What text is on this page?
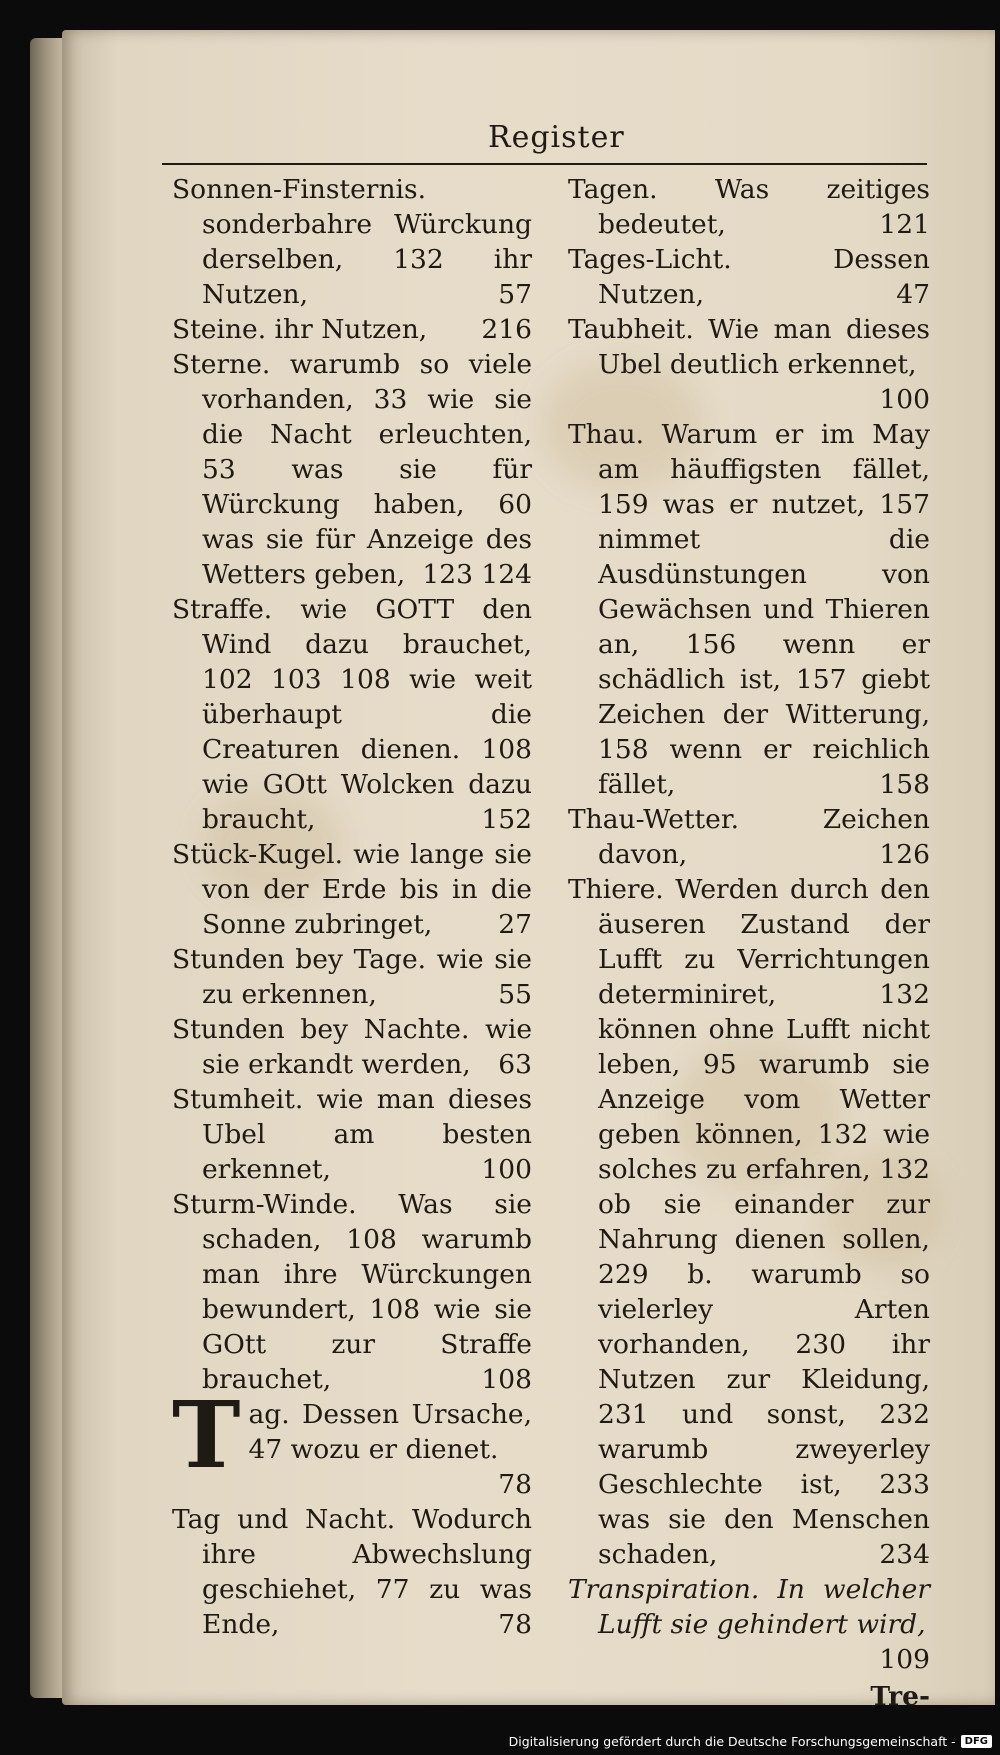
Register
Sonnen-Finsternis. sonderbahre Würckung derselben, 132 ihr Nutzen,	57
Steine. ihr Nutzen, 216
Sterne. warumb so viele vorhanden, 33 wie sie die Nacht erleuchten, 53 was sie für Würckung haben, 60 was sie für Anzeige des Wetters geben, 123 124
Straffe. wie GOTT den Wind dazu brauchet, 102 103 108 wie weit überhaupt die Creaturen dienen. 108 wie GOtt Wolcken dazu braucht,	152
Stück-Kugel. wie lange sie von der Erde bis in die Sonne zubringet, 27
Stunden bey Tage. wie sie zu erkennen,	55
Stunden bey Nachte. wie sie erkandt werden, 63
Stumheit. wie man dieses Ubel am besten erkennet,	100
Sturm-Winde. Was sie schaden, 108 warumb man ihre Würckungen bewundert, 108 wie sie GOtt zur Straffe brauchet,	108
Tag. Dessen Ursache, 47 wozu er dienet.
78
Tag und Nacht. Wodurch ihre Abwechslung geschiehet, 77 zu was Ende,	78
Tagen. Was zeitiges bedeutet,	121
Tages-Licht. Dessen Nutzen,	47
Taubheit. Wie man dieses Ubel deutlich erkennet,
100
Thau. Warum er im May am häuffigsten fället, 159 was er nutzet, 157 nimmet die Ausdünstungen von Gewächsen und Thieren an, 156 wenn er schädlich ist, 157 giebt Zeichen der Witterung, 158 wenn er reichlich fället,	158
Thau-Wetter. Zeichen davon,	126
Thiere. Werden durch den äuseren Zustand der Lufft zu Verrichtungen determiniret, 132 können ohne Lufft nicht leben, 95 warumb sie Anzeige vom Wetter geben können, 132 wie solches zu erfahren, 132 ob sie einander zur Nahrung dienen sollen, 229 b. warumb so vielerley Arten vorhanden, 230 ihr Nutzen zur Kleidung, 231 und sonst, 232 warumb zweyerley Geschlechte ist, 233 was sie den Menschen schaden,	234
Transpiration. In welcher Lufft sie gehindert wird,
109
Tre-
Digitalisierung gefördert durch die Deutsche Forschungsgemeinschaft - DFG
